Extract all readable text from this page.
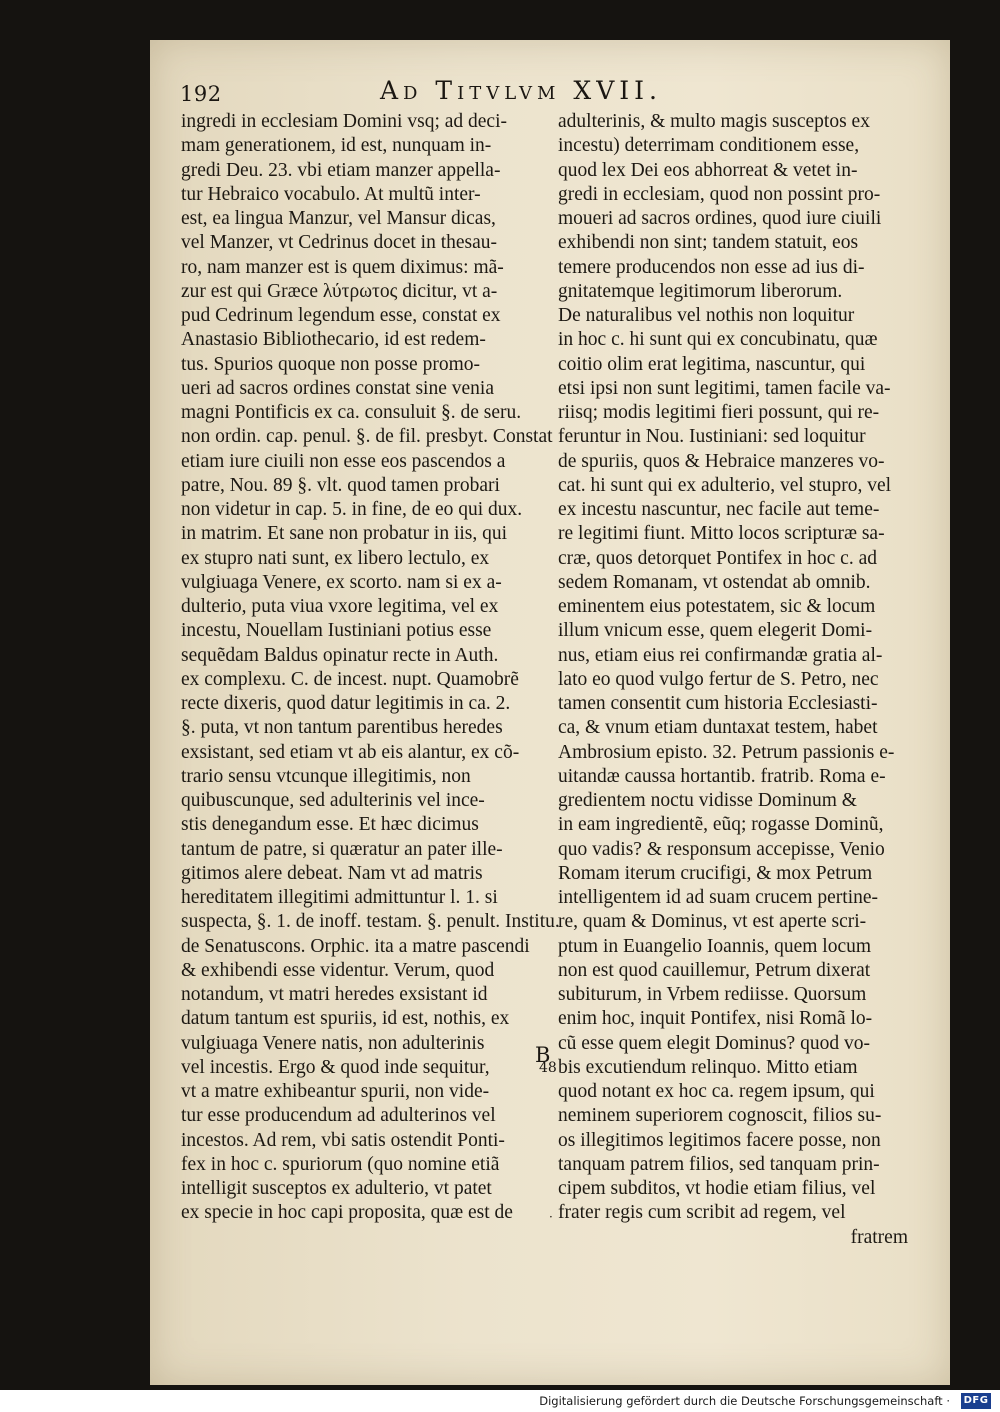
192	Ad Titvlvm XVII.
ingredi in ecclesiam Domini vsq; ad deci-
mam generationem, id est, nunquam in-
gredi Deu. 23. vbi etiam manzer appella-
tur Hebraico vocabulo. At multũ inter-
est, ea lingua Manzur, vel Mansur dicas,
vel Manzer, vt Cedrinus docet in thesau-
ro, nam manzer est is quem diximus: mã-
zur est qui Græce λύτρωτος dicitur, vt a-
pud Cedrinum legendum esse, constat ex
Anastasio Bibliothecario, id est redem-
tus. Spurios quoque non posse promo-
ueri ad sacros ordines constat sine venia
magni Pontificis ex ca. consuluit §. de seru.
non ordin. cap. penul. §. de fil. presbyt. Constat
etiam iure ciuili non esse eos pascendos a
patre, Nou. 89 §. vlt. quod tamen probari
non videtur in cap. 5. in fine, de eo qui dux.
in matrim. Et sane non probatur in iis, qui
ex stupro nati sunt, ex libero lectulo, ex
vulgiuaga Venere, ex scorto. nam si ex a-
dulterio, puta viua vxore legitima, vel ex
incestu, Nouellam Iustiniani potius esse
sequẽdam Baldus opinatur recte in Auth.
ex complexu. C. de incest. nupt. Quamobrẽ
recte dixeris, quod datur legitimis in ca. 2.
§. puta, vt non tantum parentibus heredes
exsistant, sed etiam vt ab eis alantur, ex cõ-
trario sensu vtcunque illegitimis, non
quibuscunque, sed adulterinis vel ince-
stis denegandum esse. Et hæc dicimus
tantum de patre, si quæratur an pater ille-
gitimos alere debeat. Nam vt ad matris
hereditatem illegitimi admittuntur l. 1. si
suspecta, §. 1. de inoff. testam. §. penult. Institu.
de Senatuscons. Orphic. ita a matre pascendi
& exhibendi esse videntur. Verum, quod
notandum, vt matri heredes exsistant id
datum tantum est spuriis, id est, nothis, ex
vulgiuaga Venere natis, non adulterinis
vel incestis. Ergo & quod inde sequitur,
vt a matre exhibeantur spurii, non vide-
tur esse producendum ad adulterinos vel
incestos. Ad rem, vbi satis ostendit Ponti-
fex in hoc c. spuriorum (quo nomine etiã
intelligit susceptos ex adulterio, vt patet
ex specie in hoc capi proposita, quæ est de
adulterinis, & multo magis susceptos ex
incestu) deterrimam conditionem esse,
quod lex Dei eos abhorreat & vetet in-
gredi in ecclesiam, quod non possint pro-
moueri ad sacros ordines, quod iure ciuili
exhibendi non sint; tandem statuit, eos
temere producendos non esse ad ius di-
gnitatemque legitimorum liberorum.
De naturalibus vel nothis non loquitur
in hoc c. hi sunt qui ex concubinatu, quæ
coitio olim erat legitima, nascuntur, qui
etsi ipsi non sunt legitimi, tamen facile va-
riisq; modis legitimi fieri possunt, qui re-
feruntur in Nou. Iustiniani: sed loquitur
de spuriis, quos & Hebraice manzeres vo-
cat. hi sunt qui ex adulterio, vel stupro, vel
ex incestu nascuntur, nec facile aut teme-
re legitimi fiunt. Mitto locos scripturæ sa-
cræ, quos detorquet Pontifex in hoc c. ad
sedem Romanam, vt ostendat ab omnib.
eminentem eius potestatem, sic & locum
illum vnicum esse, quem elegerit Domi-
nus, etiam eius rei confirmandæ gratia al-
lato eo quod vulgo fertur de S. Petro, nec
tamen consentit cum historia Ecclesiasti-
ca, & vnum etiam duntaxat testem, habet
Ambrosium episto. 32. Petrum passionis e-
uitandæ caussa hortantib. fratrib. Roma e-
gredientem noctu vidisse Dominum &
in eam ingredientẽ, eũq; rogasse Dominũ,
quo vadis? & responsum accepisse, Venio
Romam iterum crucifigi, & mox Petrum
intelligentem id ad suam crucem pertine-
re, quam & Dominus, vt est aperte scri-
ptum in Euangelio Ioannis, quem locum
non est quod cauillemur, Petrum dixerat
subiturum, in Vrbem rediisse. Quorsum
enim hoc, inquit Pontifex, nisi Romã lo-
cũ esse quem elegit Dominus? quod vo-
bis excutiendum relinquo. Mitto etiam
quod notant ex hoc ca. regem ipsum, qui
neminem superiorem cognoscit, filios su-
os illegitimos legitimos facere posse, non
tanquam patrem filios, sed tanquam prin-
cipem subditos, vt hodie etiam filius, vel
frater regis cum scribit ad regem, vel
fratrem
B
48
·
Digitalisierung gefördert durch die Deutsche Forschungsgemeinschaft · DFG
